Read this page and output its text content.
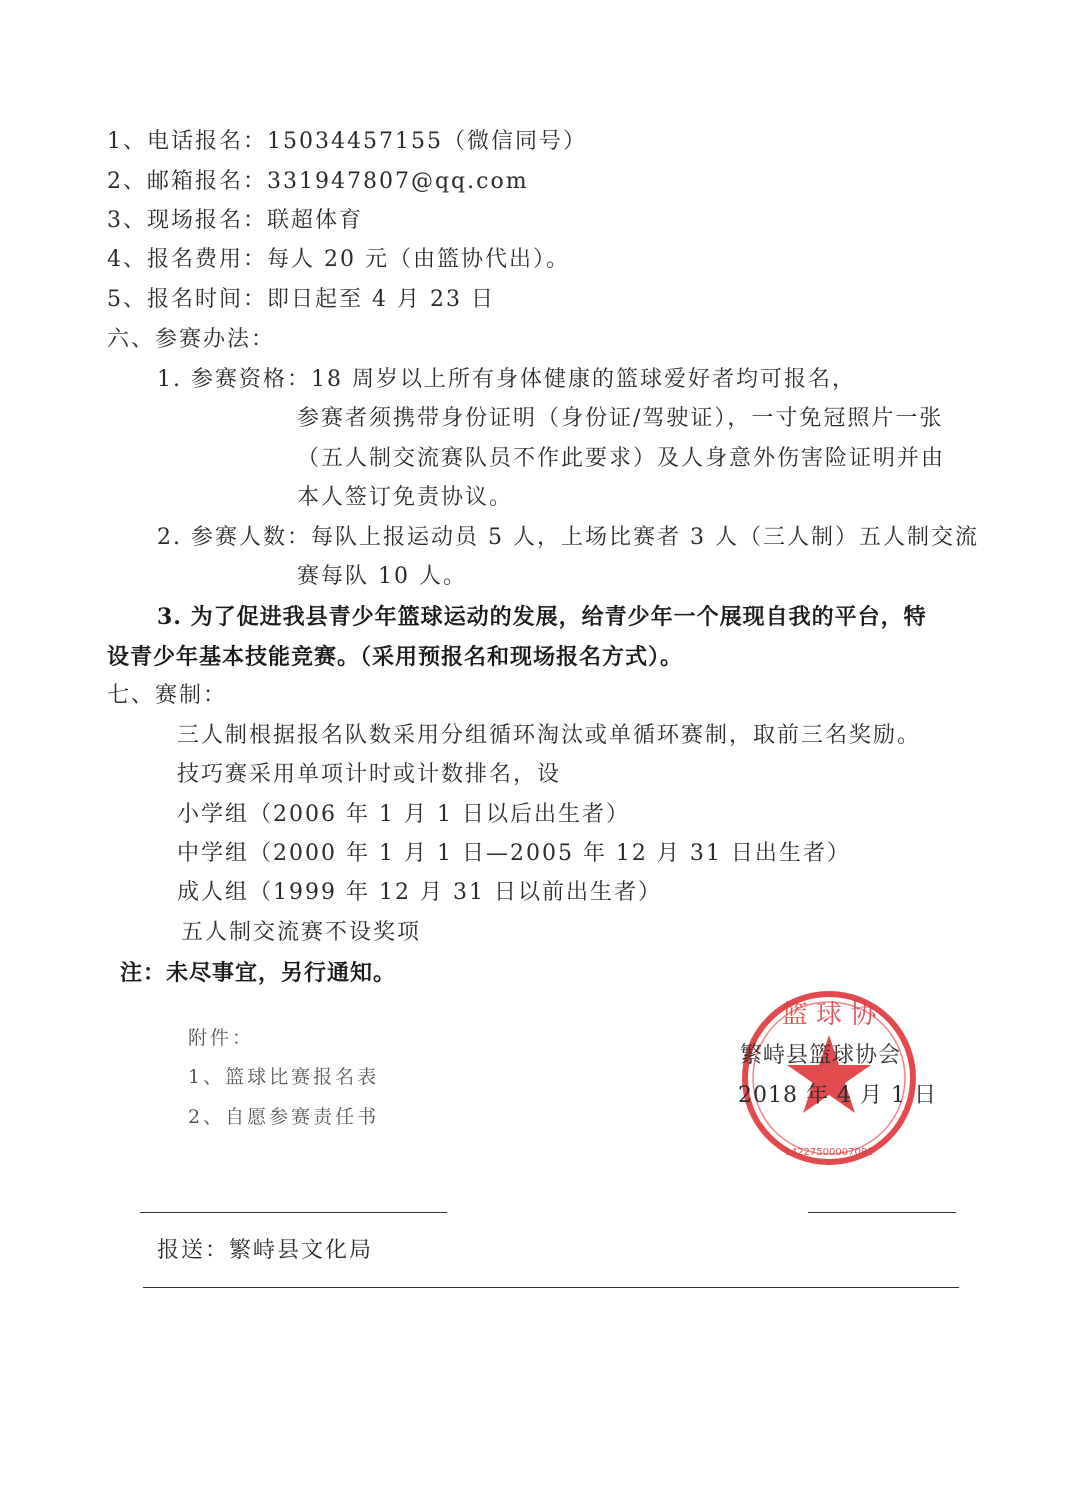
1、电话报名：15034457155（微信同号）
2、邮箱报名：331947807@qq.com
3、现场报名：联超体育
4、报名费用：每人 20 元（由篮协代出）。
5、报名时间：即日起至 4 月 23 日
六、参赛办法：
1. 参赛资格：18 周岁以上所有身体健康的篮球爱好者均可报名，
参赛者须携带身份证明（身份证/驾驶证），一寸免冠照片一张
（五人制交流赛队员不作此要求）及人身意外伤害险证明并由
本人签订免责协议。
2. 参赛人数：每队上报运动员 5 人，上场比赛者 3 人（三人制）五人制交流
赛每队 10 人。
3. 为了促进我县青少年篮球运动的发展，给青少年一个展现自我的平台，特
设青少年基本技能竞赛。（采用预报名和现场报名方式）。
七、赛制：
三人制根据报名队数采用分组循环淘汰或单循环赛制，取前三名奖励。
技巧赛采用单项计时或计数排名，设
小学组（2006 年 1 月 1 日以后出生者）
中学组（2000 年 1 月 1 日—2005 年 12 月 31 日出生者）
成人组（1999 年 12 月 31 日以前出生者）
五人制交流赛不设奖项
注：未尽事宜，另行通知。
附件：
1、篮球比赛报名表
2、自愿参赛责任书
篮 球 协
14227500007081
繁峙县篮球协会
2018 年 4 月 1 日
报送：繁峙县文化局
